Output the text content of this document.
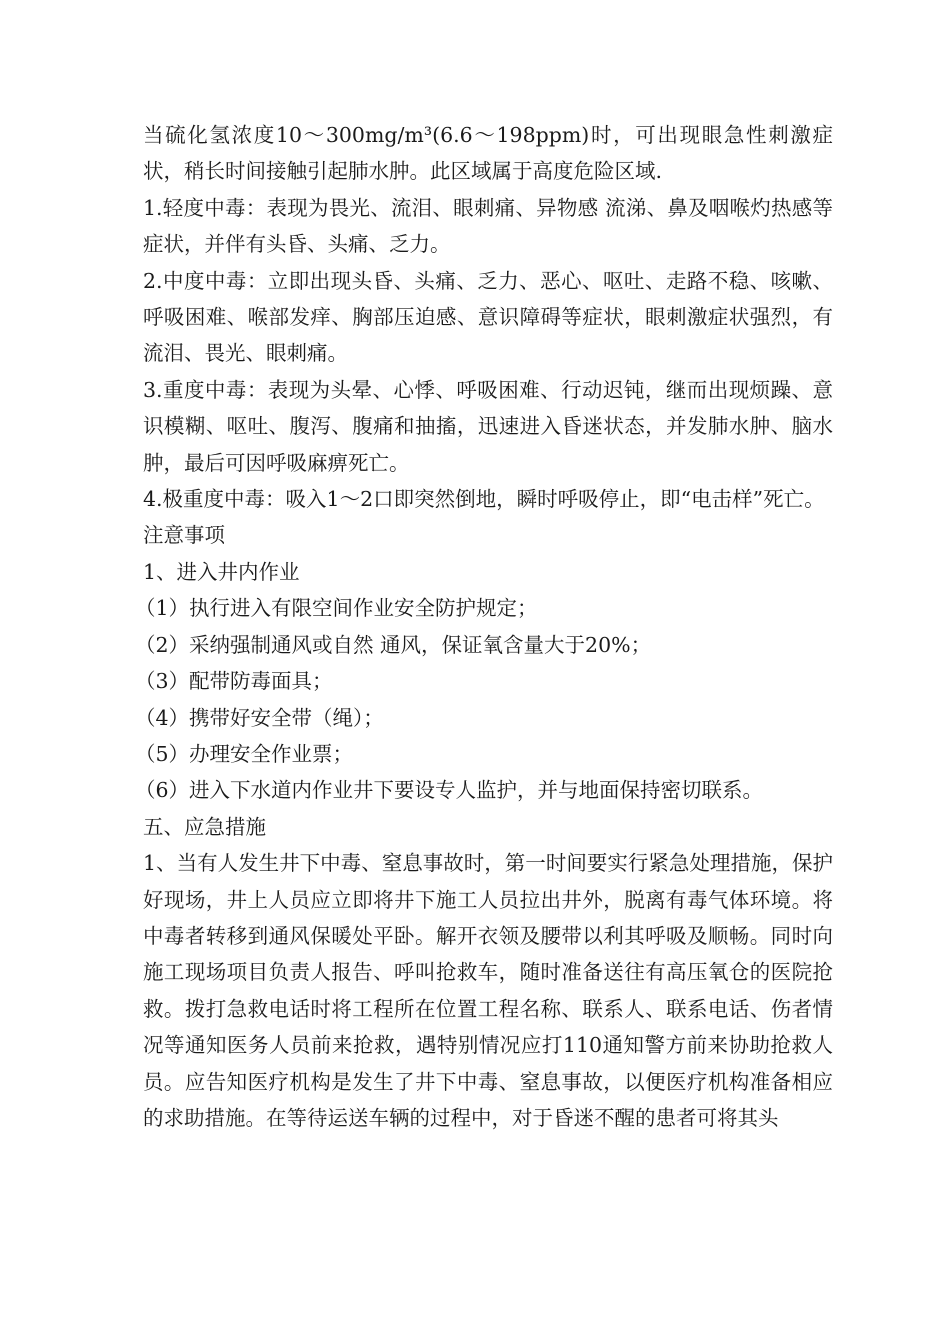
当硫化氢浓度10～300mg/m³(6.6～198ppm)时，可出现眼急性刺激症状，稍长时间接触引起肺水肿。此区域属于高度危险区域.

1.轻度中毒：表现为畏光、流泪、眼刺痛、异物感 流涕、鼻及咽喉灼热感等症状，并伴有头昏、头痛、乏力。

2.中度中毒：立即出现头昏、头痛、乏力、恶心、呕吐、走路不稳、咳嗽、呼吸困难、喉部发痒、胸部压迫感、意识障碍等症状，眼刺激症状强烈，有流泪、畏光、眼刺痛。

3.重度中毒：表现为头晕、心悸、呼吸困难、行动迟钝，继而出现烦躁、意识模糊、呕吐、腹泻、腹痛和抽搐，迅速进入昏迷状态，并发肺水肿、脑水肿，最后可因呼吸麻痹死亡。

4.极重度中毒：吸入1～2口即突然倒地，瞬时呼吸停止，即“电击样”死亡。

注意事项

1、进入井内作业

（1）执行进入有限空间作业安全防护规定；

（2）采纳强制通风或自然 通风，保证氧含量大于20%；

（3）配带防毒面具；

（4）携带好安全带（绳）；

（5）办理安全作业票；

（6）进入下水道内作业井下要设专人监护，并与地面保持密切联系。

五、应急措施

1、当有人发生井下中毒、窒息事故时，第一时间要实行紧急处理措施，保护好现场，井上人员应立即将井下施工人员拉出井外，脱离有毒气体环境。将中毒者转移到通风保暖处平卧。解开衣领及腰带以利其呼吸及顺畅。同时向施工现场项目负责人报告、呼叫抢救车，随时准备送往有高压氧仓的医院抢救。拨打急救电话时将工程所在位置工程名称、联系人、联系电话、伤者情况等通知医务人员前来抢救，遇特别情况应打110通知警方前来协助抢救人员。应告知医疗机构是发生了井下中毒、窒息事故，以便医疗机构准备相应的求助措施。在等待运送车辆的过程中，对于昏迷不醒的患者可将其头
